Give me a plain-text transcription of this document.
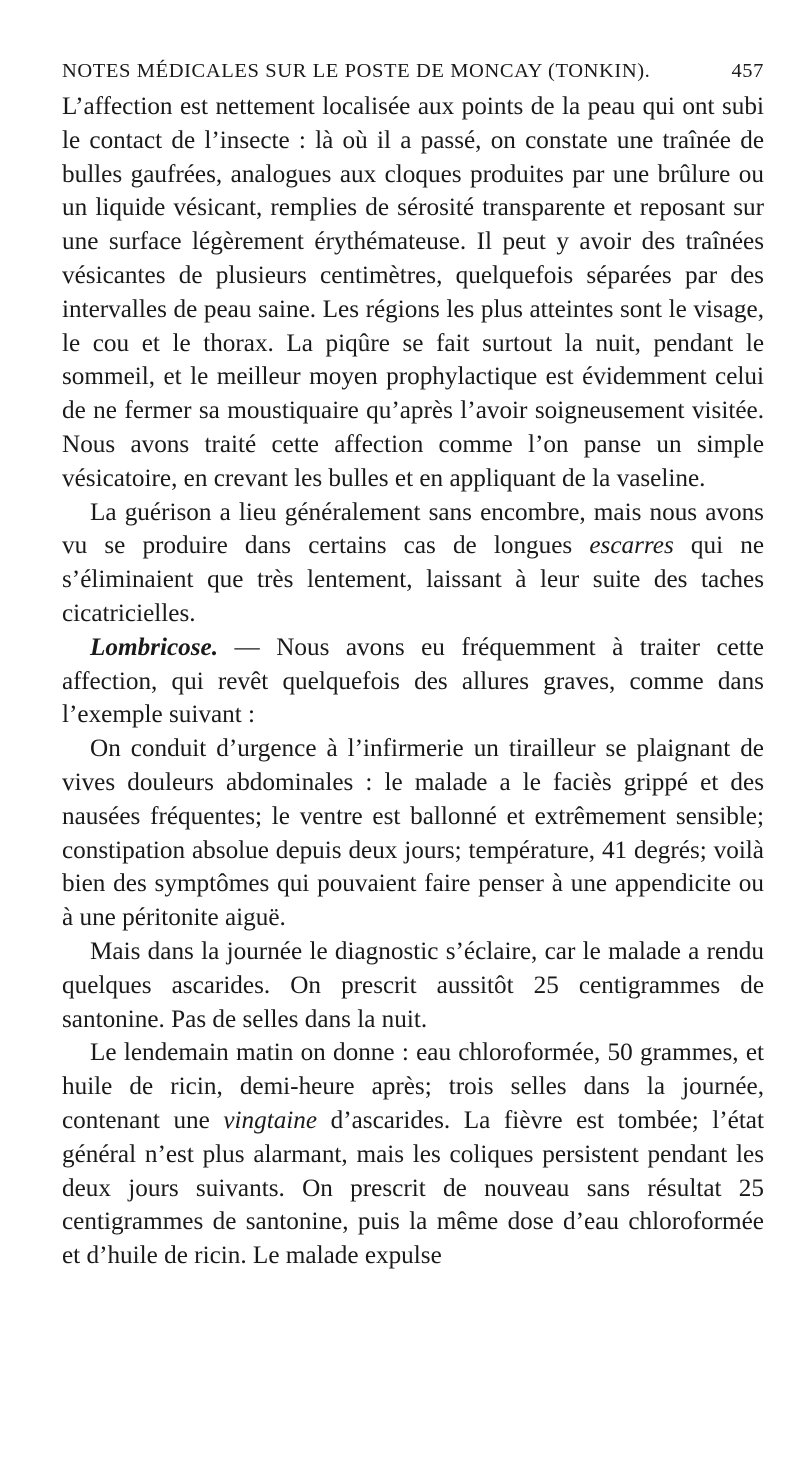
NOTES MÉDICALES SUR LE POSTE DE MONCAY (TONKIN).	457

L’affection est nettement localisée aux points de la peau qui ont subi le contact de l’insecte : là où il a passé, on constate une traînée de bulles gaufrées, analogues aux cloques produites par une brûlure ou un liquide vésicant, remplies de sérosité transparente et reposant sur une surface légèrement érythémateuse. Il peut y avoir des traînées vésicantes de plusieurs centimètres, quelquefois séparées par des intervalles de peau saine. Les régions les plus atteintes sont le visage, le cou et le thorax. La piqûre se fait surtout la nuit, pendant le sommeil, et le meilleur moyen prophylactique est évidemment celui de ne fermer sa moustiquaire qu’après l’avoir soigneusement visitée. Nous avons traité cette affection comme l’on panse un simple vésicatoire, en crevant les bulles et en appliquant de la vaseline.

La guérison a lieu généralement sans encombre, mais nous avons vu se produire dans certains cas de longues escarres qui ne s’éliminaient que très lentement, laissant à leur suite des taches cicatricielles.

Lombricose. — Nous avons eu fréquemment à traiter cette affection, qui revêt quelquefois des allures graves, comme dans l’exemple suivant :

On conduit d’urgence à l’infirmerie un tirailleur se plaignant de vives douleurs abdominales : le malade a le faciès grippé et des nausées fréquentes; le ventre est ballonné et extrêmement sensible; constipation absolue depuis deux jours; température, 41 degrés; voilà bien des symptômes qui pouvaient faire penser à une appendicite ou à une péritonite aiguë.

Mais dans la journée le diagnostic s’éclaire, car le malade a rendu quelques ascarides. On prescrit aussitôt 25 centigrammes de santonine. Pas de selles dans la nuit.

Le lendemain matin on donne : eau chloroformée, 50 grammes, et huile de ricin, demi-heure après; trois selles dans la journée, contenant une vingtaine d’ascarides. La fièvre est tombée; l’état général n’est plus alarmant, mais les coliques persistent pendant les deux jours suivants. On prescrit de nouveau sans résultat 25 centigrammes de santonine, puis la même dose d’eau chloroformée et d’huile de ricin. Le malade expulse
